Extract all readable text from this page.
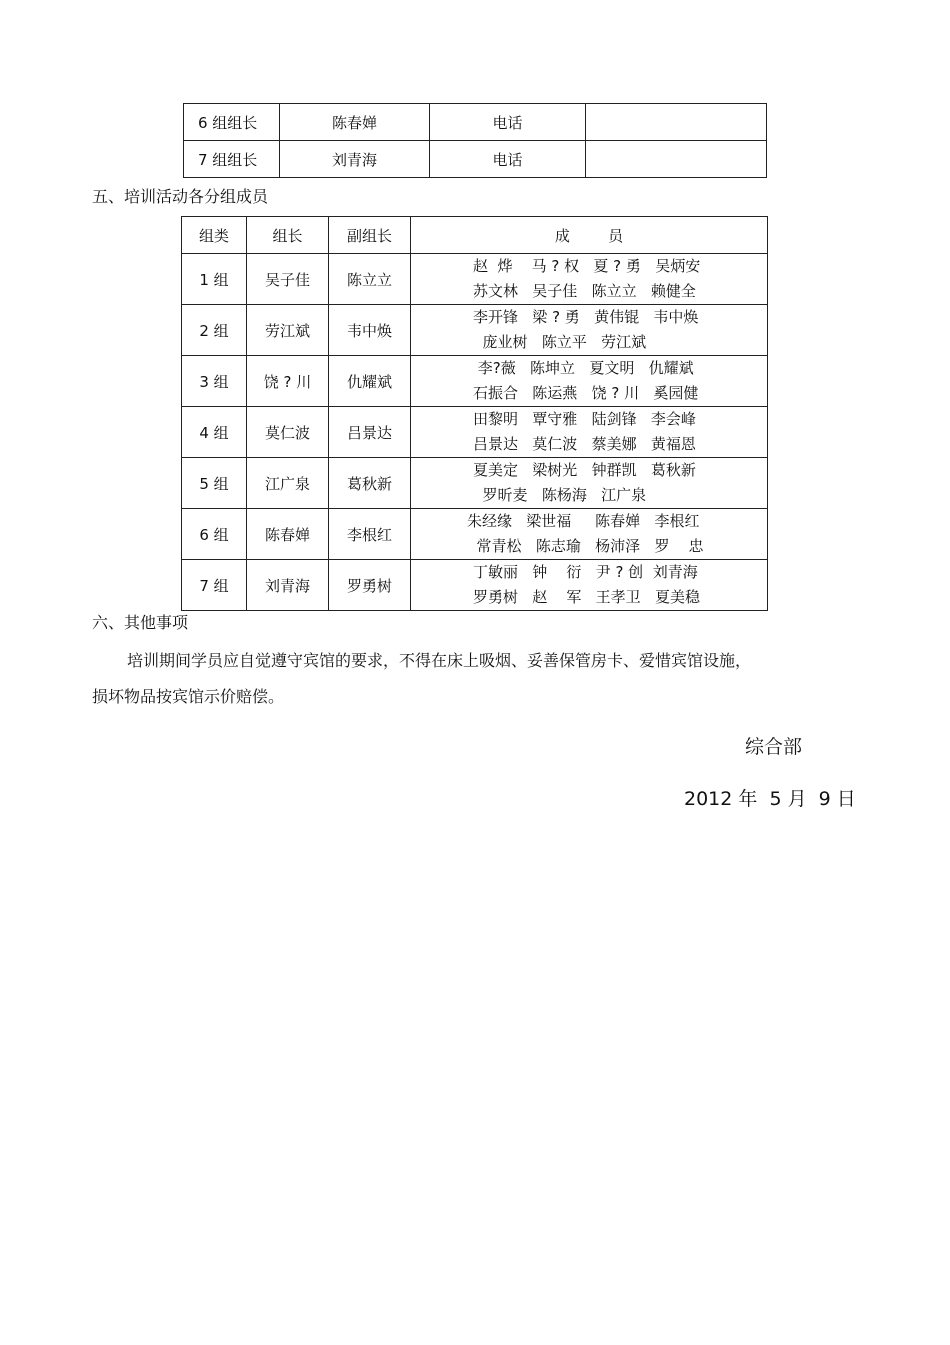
6 组组长	陈春婵	电话	
7 组组长	刘青海	电话	
五、培训活动各分组成员
组类	组长	副组长	成        员
1 组	吴子佳	陈立立	赵  烨    马 ? 权   夏 ? 勇   吴炳安
苏文林   吴子佳   陈立立   赖健全

2 组	劳江斌	韦中焕	李开锋   梁 ? 勇   黄伟锟   韦中焕
庞业树   陈立平   劳江斌

3 组	饶 ? 川	仇耀斌	李?薇   陈坤立   夏文明   仇耀斌
石振合   陈运燕   饶 ? 川   奚园健

4 组	莫仁波	吕景达	田黎明   覃守雅   陆剑锋   李会峰
吕景达   莫仁波   蔡美娜   黄福恩

5 组	江广泉	葛秋新	夏美定   梁树光   钟群凯   葛秋新
罗昕麦   陈杨海   江广泉

6 组	陈春婵	李根红	朱经缘   梁世福     陈春婵   李根红
常青松   陈志瑜   杨沛泽   罗    忠

7 组	刘青海	罗勇树	丁敏丽   钟    衍   尹 ? 创  刘青海
罗勇树   赵    军   王孝卫   夏美稳
六、其他事项
培训期间学员应自觉遵守宾馆的要求，不得在床上吸烟、妥善保管房卡、爱惜宾馆设施，
损坏物品按宾馆示价赔偿。
综合部
2012 年  5 月  9 日
